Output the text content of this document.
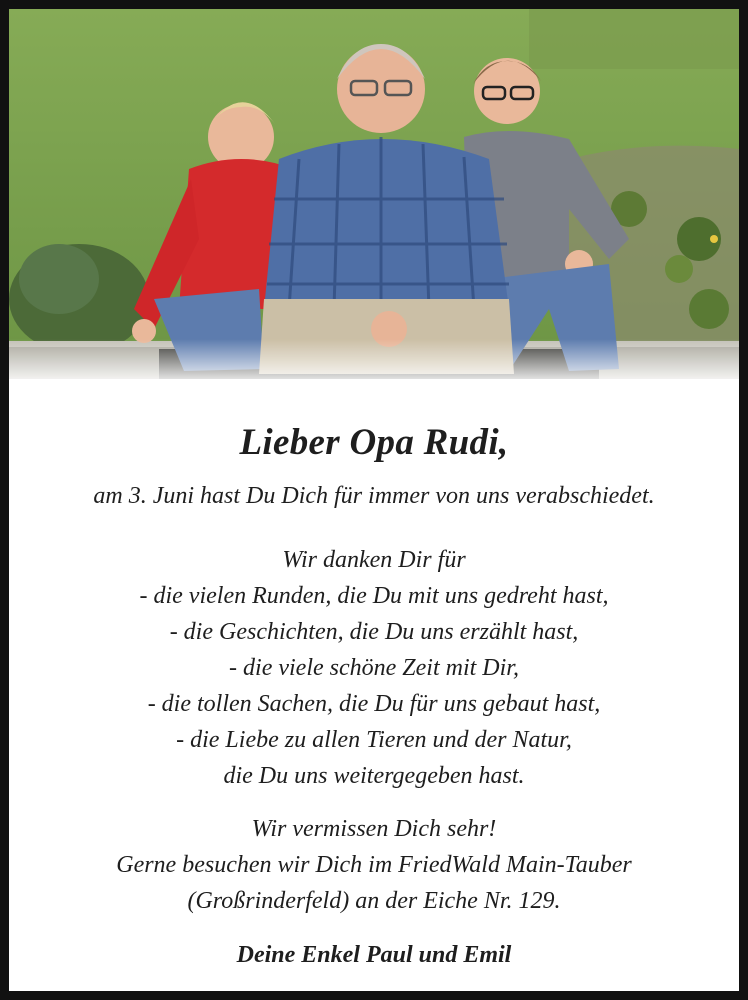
Lieber Opa Rudi,
am 3. Juni hast Du Dich für immer von uns verabschiedet.
Wir danken Dir für
- die vielen Runden, die Du mit uns gedreht hast,
- die Geschichten, die Du uns erzählt hast,
- die viele schöne Zeit mit Dir,
- die tollen Sachen, die Du für uns gebaut hast,
- die Liebe zu allen Tieren und der Natur,
die Du uns weitergegeben hast.
Wir vermissen Dich sehr!
Gerne besuchen wir Dich im FriedWald Main-Tauber
(Großrinderfeld) an der Eiche Nr. 129.
Deine Enkel Paul und Emil
